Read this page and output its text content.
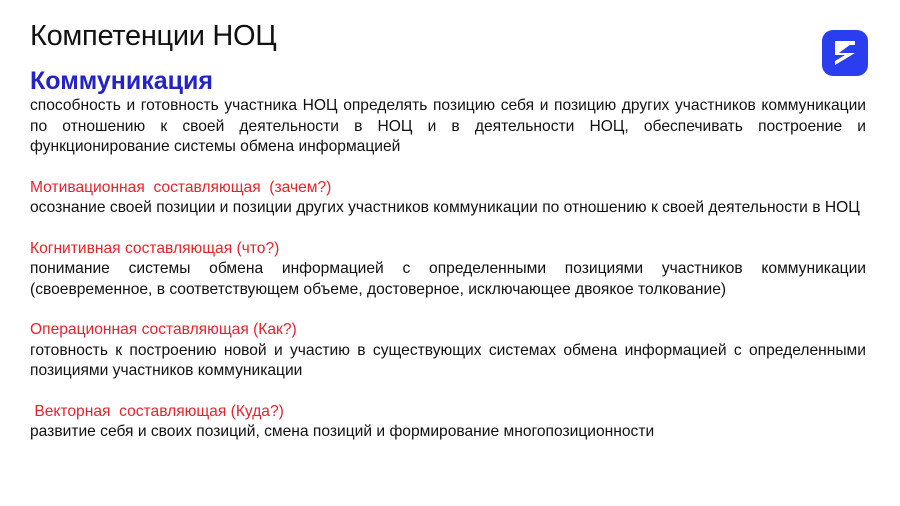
Компетенции НОЦ

Коммуникация

способность и готовность участника НОЦ определять позицию себя и позицию других участников коммуникации по отношению к своей деятельности в НОЦ и в деятельности НОЦ, обеспечивать построение и функционирование системы обмена информацией

Мотивационная  составляющая  (зачем?)

осознание своей позиции и позиции других участников коммуникации по отношению к своей деятельности в НОЦ

Когнитивная составляющая (что?)

понимание системы обмена информацией с определенными позициями участников коммуникации (своевременное, в соответствующем объеме, достоверное, исключающее двоякое толкование)

Операционная составляющая (Как?)

готовность к построению новой и участию в существующих системах обмена информацией с определенными позициями участников коммуникации

Векторная  составляющая (Куда?)

развитие себя и своих позиций, смена позиций и формирование многопозиционности
